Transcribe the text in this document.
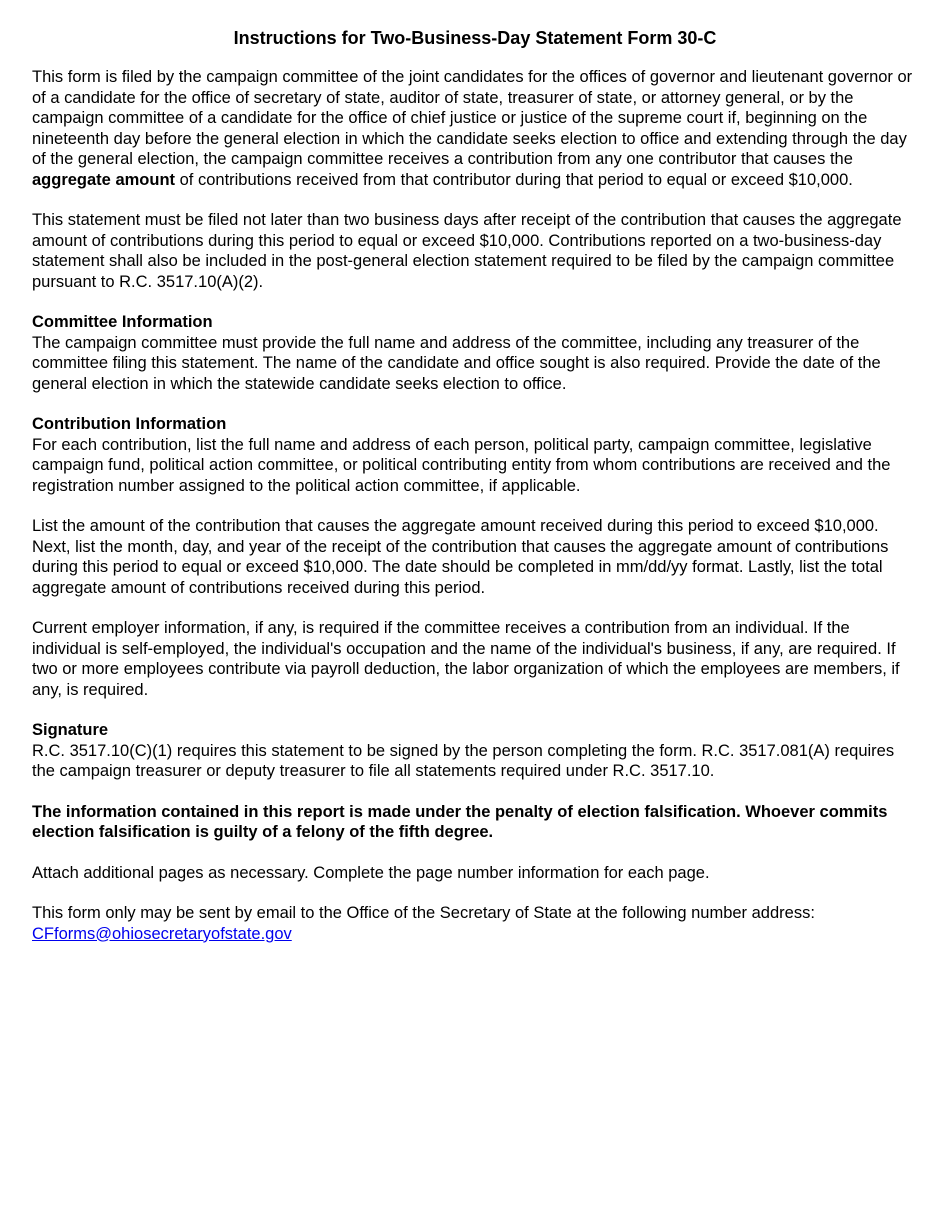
Instructions for Two-Business-Day Statement Form 30-C

This form is filed by the campaign committee of the joint candidates for the offices of governor and lieutenant governor or of a candidate for the office of secretary of state, auditor of state, treasurer of state, or attorney general, or by the campaign committee of a candidate for the office of chief justice or justice of the supreme court if, beginning on the nineteenth day before the general election in which the candidate seeks election to office and extending through the day of the general election, the campaign committee receives a contribution from any one contributor that causes the aggregate amount of contributions received from that contributor during that period to equal or exceed $10,000.

This statement must be filed not later than two business days after receipt of the contribution that causes the aggregate amount of contributions during this period to equal or exceed $10,000. Contributions reported on a two-business-day statement shall also be included in the post-general election statement required to be filed by the campaign committee pursuant to R.C. 3517.10(A)(2).

Committee Information
The campaign committee must provide the full name and address of the committee, including any treasurer of the committee filing this statement. The name of the candidate and office sought is also required. Provide the date of the general election in which the statewide candidate seeks election to office.

Contribution Information
For each contribution, list the full name and address of each person, political party, campaign committee, legislative campaign fund, political action committee, or political contributing entity from whom contributions are received and the registration number assigned to the political action committee, if applicable.

List the amount of the contribution that causes the aggregate amount received during this period to exceed $10,000. Next, list the month, day, and year of the receipt of the contribution that causes the aggregate amount of contributions during this period to equal or exceed $10,000. The date should be completed in mm/dd/yy format. Lastly, list the total aggregate amount of contributions received during this period.

Current employer information, if any, is required if the committee receives a contribution from an individual. If the individual is self-employed, the individual's occupation and the name of the individual's business, if any, are required. If two or more employees contribute via payroll deduction, the labor organization of which the employees are members, if any, is required.

Signature
R.C. 3517.10(C)(1) requires this statement to be signed by the person completing the form. R.C. 3517.081(A) requires the campaign treasurer or deputy treasurer to file all statements required under R.C. 3517.10.

The information contained in this report is made under the penalty of election falsification. Whoever commits election falsification is guilty of a felony of the fifth degree.

Attach additional pages as necessary. Complete the page number information for each page.

This form only may be sent by email to the Office of the Secretary of State at the following number address:
CFforms@ohiosecretaryofstate.gov
